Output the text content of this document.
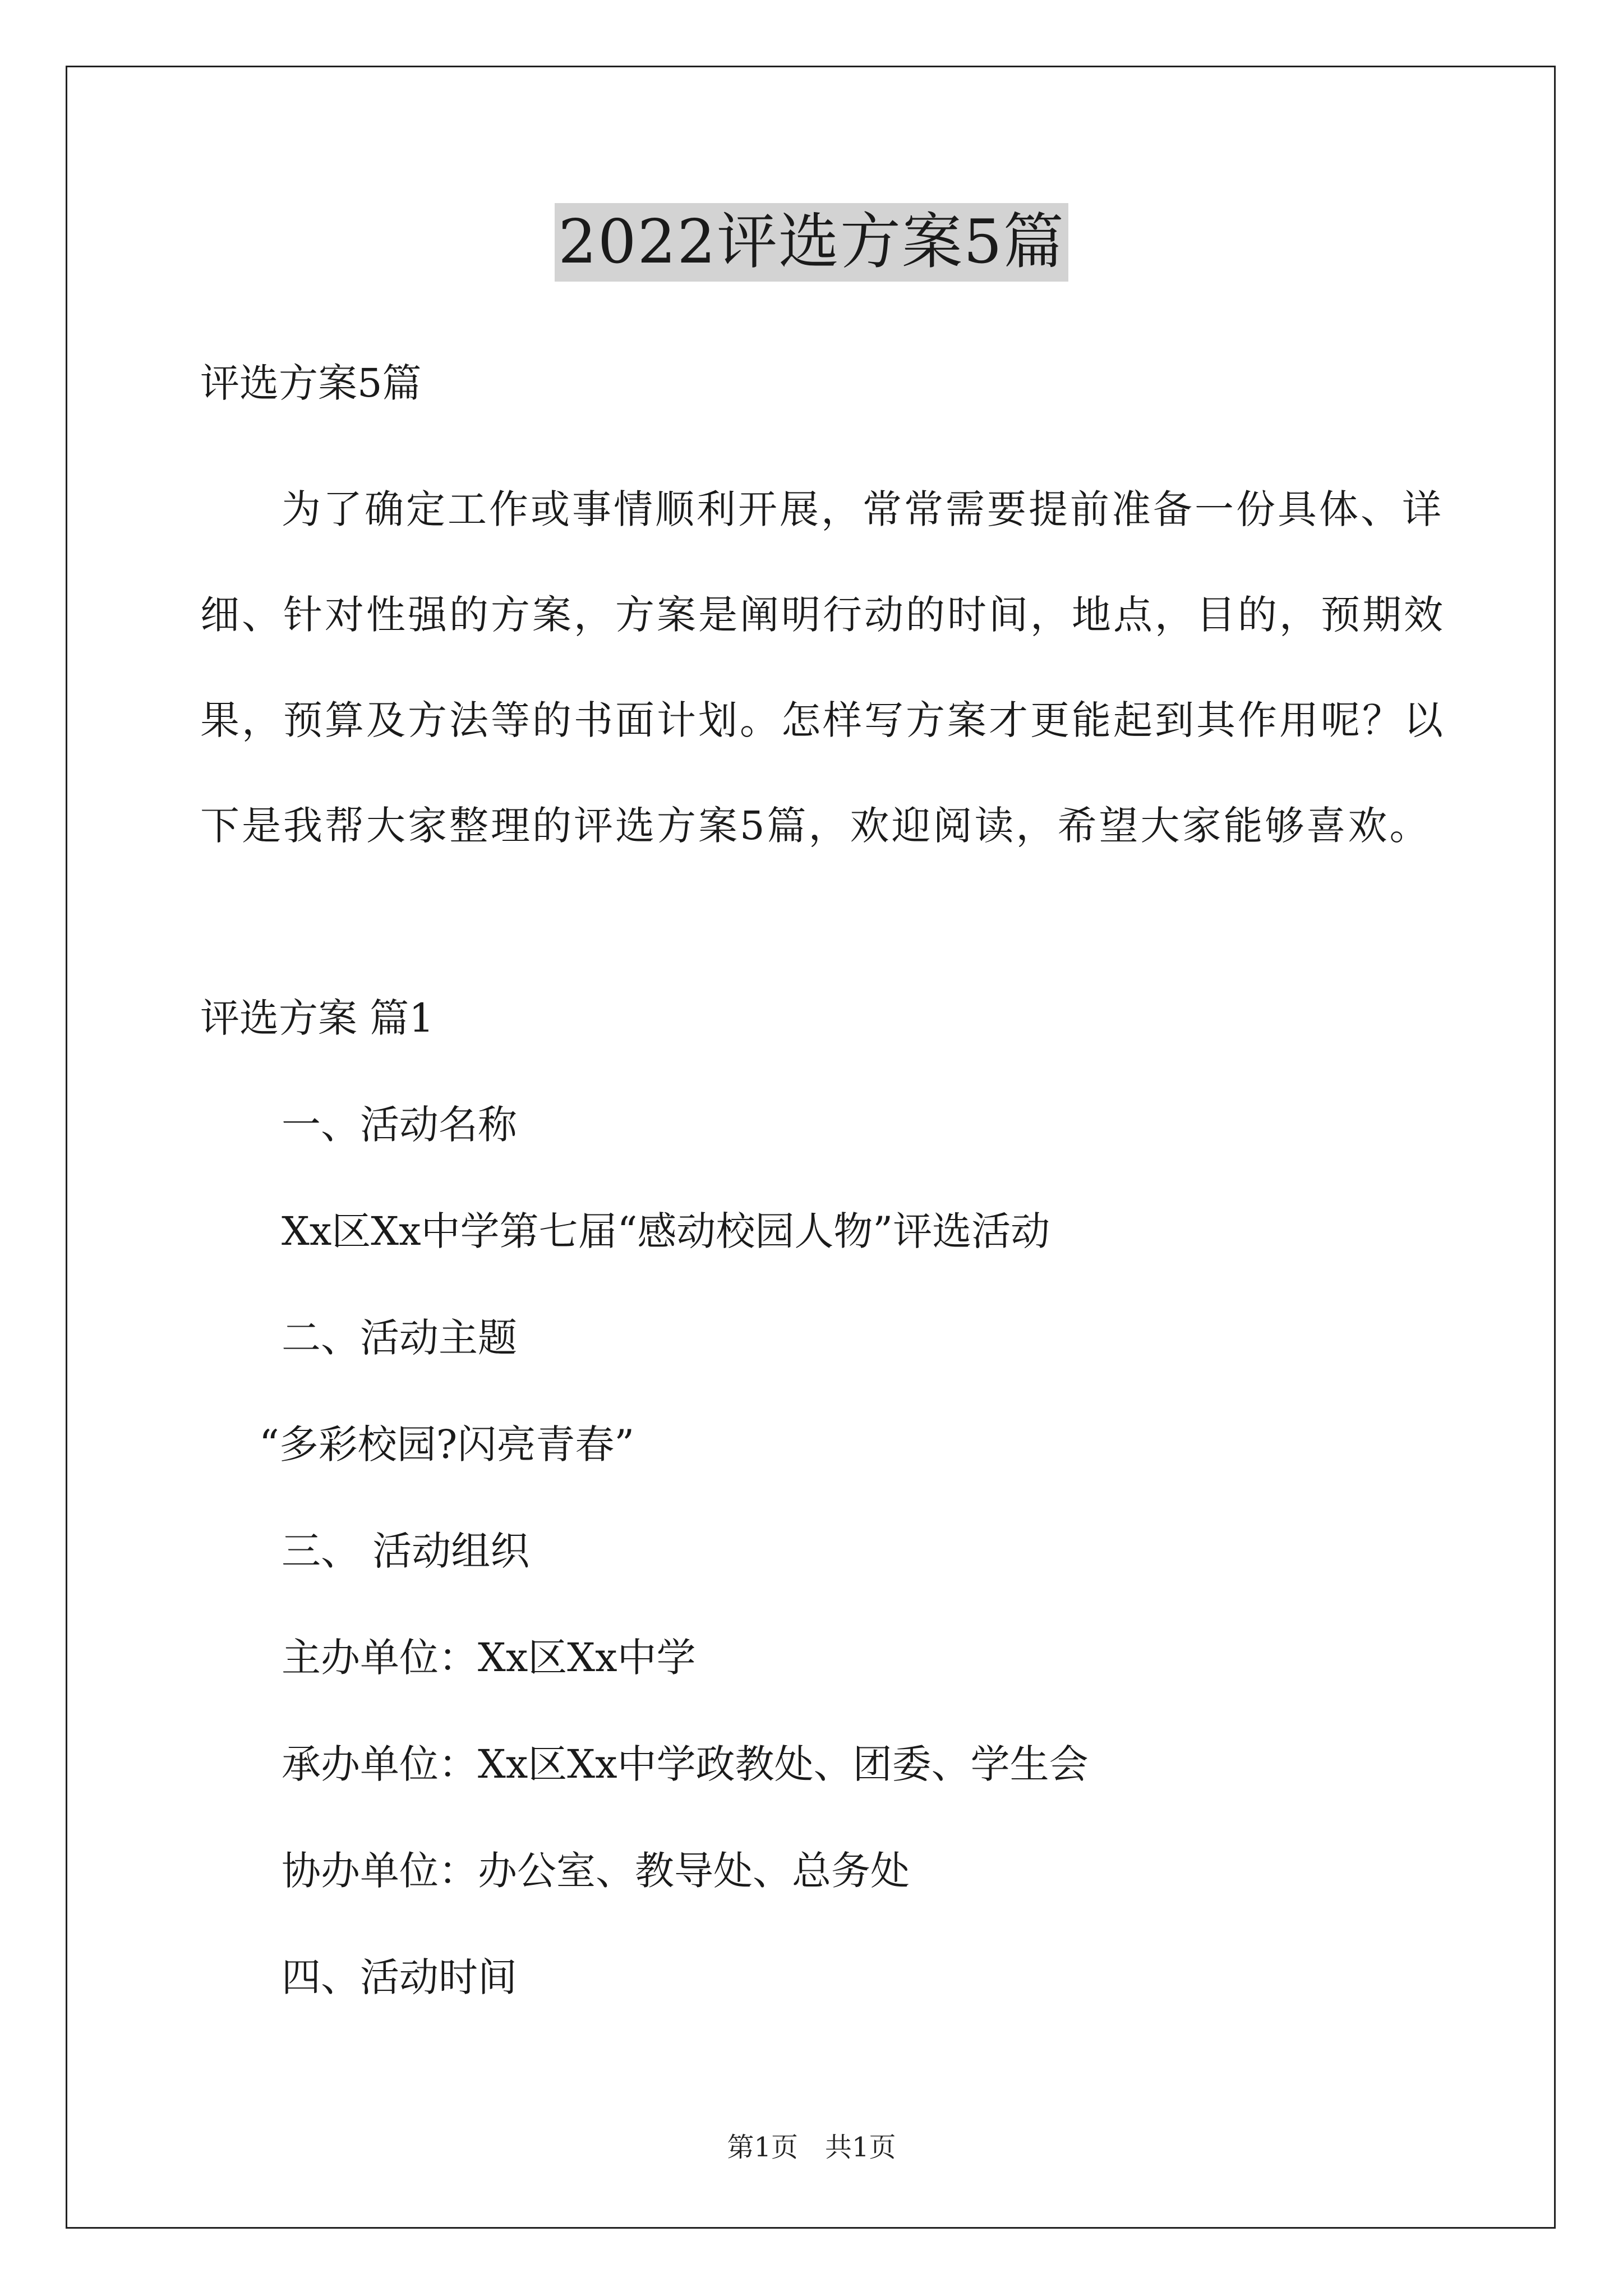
2022评选方案5篇
评选方案5篇
为了确定工作或事情顺利开展，常常需要提前准备一份具体、详
细、针对性强的方案，方案是阐明行动的时间，地点，目的，预期效
果，预算及方法等的书面计划。怎样写方案才更能起到其作用呢？以
下是我帮大家整理的评选方案5篇，欢迎阅读，希望大家能够喜欢。
评选方案 篇1
一、活动名称
Xx区Xx中学第七届“感动校园人物”评选活动
二、活动主题
“多彩校园?闪亮青春”
三、 活动组织
主办单位：Xx区Xx中学
承办单位：Xx区Xx中学政教处、团委、学生会
协办单位：办公室、教导处、总务处
四、活动时间
第1页　共1页
